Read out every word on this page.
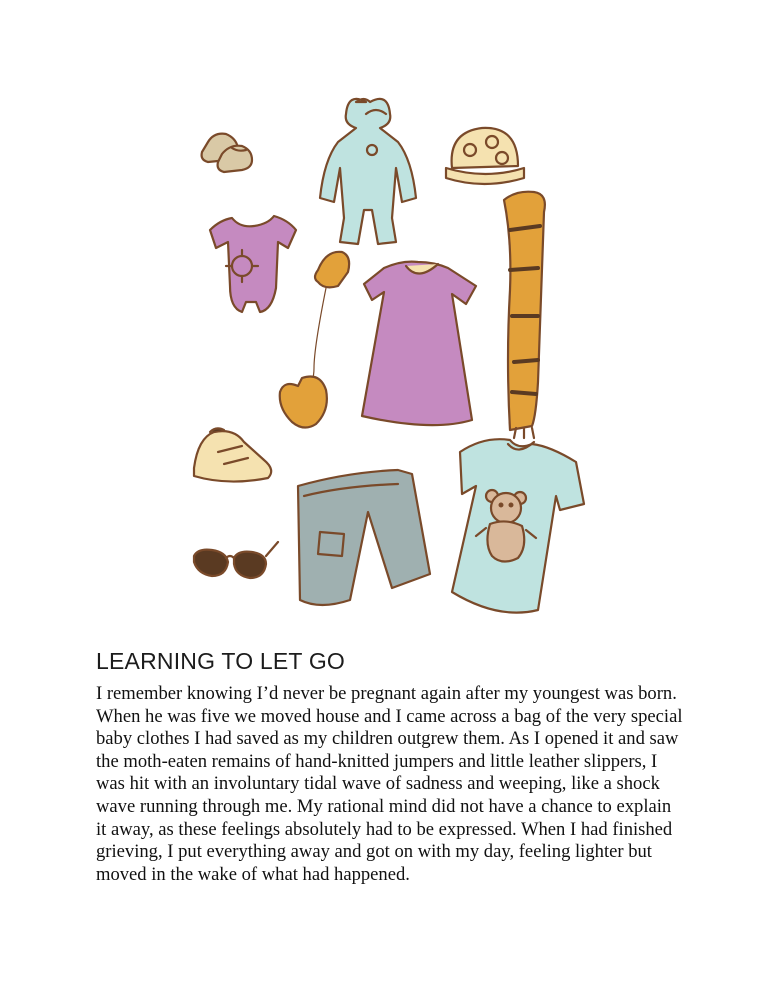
LEARNING TO LET GO

I remember knowing I’d never be pregnant again after my youngest was born. When he was five we moved house and I came across a bag of the very special baby clothes I had saved as my children outgrew them. As I opened it and saw the moth-eaten remains of hand-knitted jumpers and little leather slippers, I was hit with an involuntary tidal wave of sadness and weeping, like a shock wave running through me. My rational mind did not have a chance to explain it away, as these feelings absolutely had to be expressed. When I had finished grieving, I put everything away and got on with my day, feeling lighter but moved in the wake of what had happened.
